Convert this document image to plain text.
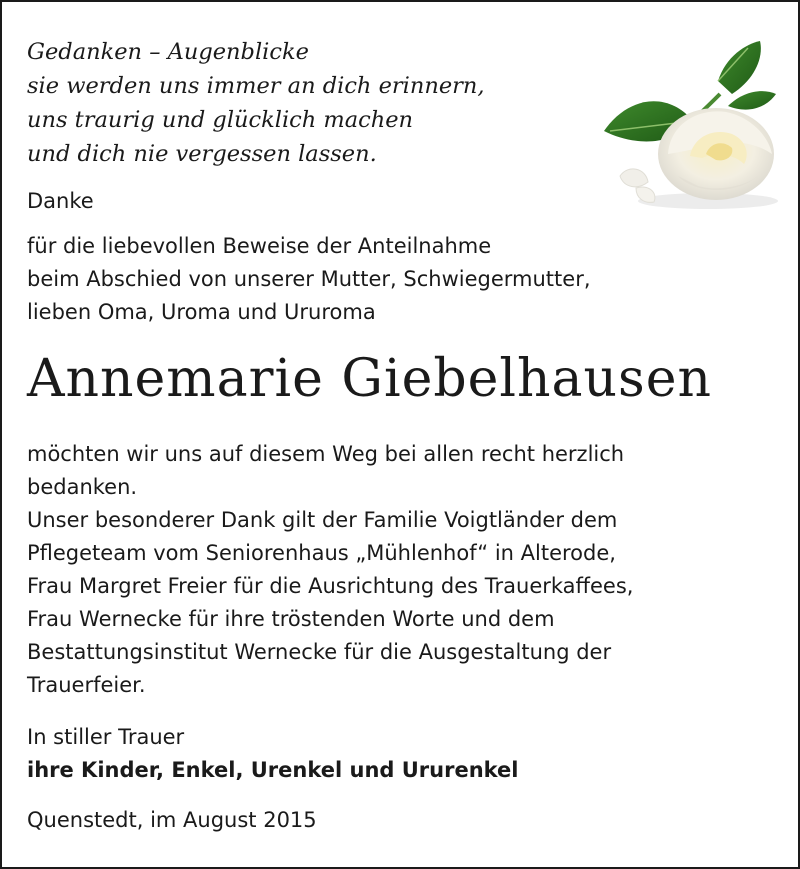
Gedanken – Augenblicke
sie werden uns immer an dich erinnern,
uns traurig und glücklich machen
und dich nie vergessen lassen.
Danke
für die liebevollen Beweise der Anteilnahme
beim Abschied von unserer Mutter, Schwiegermutter,
lieben Oma, Uroma und Ururoma
Annemarie Giebelhausen
möchten wir uns auf diesem Weg bei allen recht herzlich
bedanken.
Unser besonderer Dank gilt der Familie Voigtländer dem
Pflegeteam vom Seniorenhaus „Mühlenhof“ in Alterode,
Frau Margret Freier für die Ausrichtung des Trauerkaffees,
Frau Wernecke für ihre tröstenden Worte und dem
Bestattungsinstitut Wernecke für die Ausgestaltung der
Trauerfeier.
In stiller Trauer
ihre Kinder, Enkel, Urenkel und Ururenkel
Quenstedt, im August 2015
